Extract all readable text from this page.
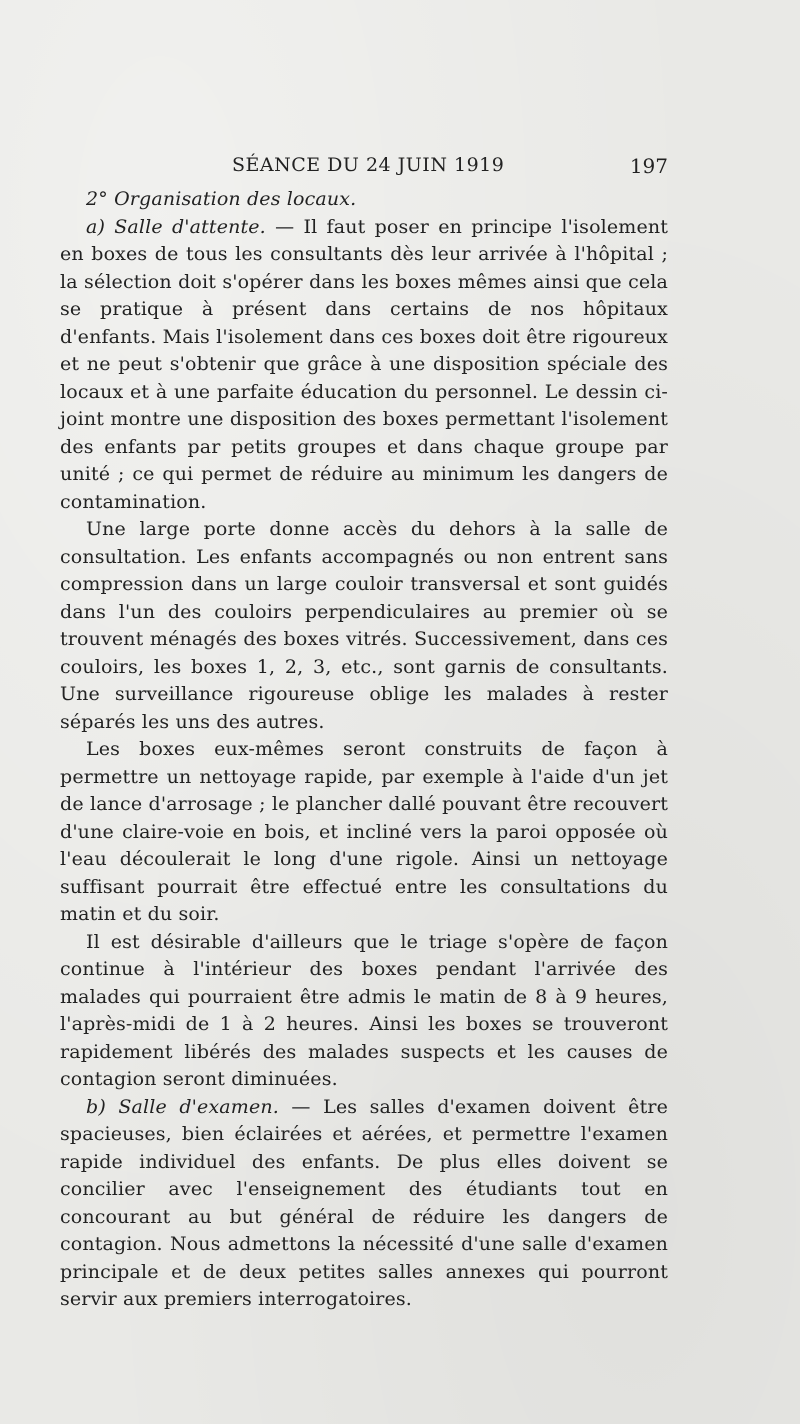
SÉANCE DU 24 JUIN 1919	197

2° Organisation des locaux.

a) Salle d'attente. — Il faut poser en principe l'isolement en boxes de tous les consultants dès leur arrivée à l'hôpital ; la sélection doit s'opérer dans les boxes mêmes ainsi que cela se pratique à présent dans certains de nos hôpitaux d'enfants. Mais l'isolement dans ces boxes doit être rigoureux et ne peut s'obtenir que grâce à une disposition spéciale des locaux et à une parfaite éducation du personnel. Le dessin ci-joint montre une disposition des boxes permettant l'isolement des enfants par petits groupes et dans chaque groupe par unité ; ce qui permet de réduire au minimum les dangers de contamination.

Une large porte donne accès du dehors à la salle de consultation. Les enfants accompagnés ou non entrent sans compression dans un large couloir transversal et sont guidés dans l'un des couloirs perpendiculaires au premier où se trouvent ménagés des boxes vitrés. Successivement, dans ces couloirs, les boxes 1, 2, 3, etc., sont garnis de consultants. Une surveillance rigoureuse oblige les malades à rester séparés les uns des autres.

Les boxes eux-mêmes seront construits de façon à permettre un nettoyage rapide, par exemple à l'aide d'un jet de lance d'arrosage ; le plancher dallé pouvant être recouvert d'une claire-voie en bois, et incliné vers la paroi opposée où l'eau découlerait le long d'une rigole. Ainsi un nettoyage suffisant pourrait être effectué entre les consultations du matin et du soir.

Il est désirable d'ailleurs que le triage s'opère de façon continue à l'intérieur des boxes pendant l'arrivée des malades qui pourraient être admis le matin de 8 à 9 heures, l'après-midi de 1 à 2 heures. Ainsi les boxes se trouveront rapidement libérés des malades suspects et les causes de contagion seront diminuées.

b) Salle d'examen. — Les salles d'examen doivent être spacieuses, bien éclairées et aérées, et permettre l'examen rapide individuel des enfants. De plus elles doivent se concilier avec l'enseignement des étudiants tout en concourant au but général de réduire les dangers de contagion. Nous admettons la nécessité d'une salle d'examen principale et de deux petites salles annexes qui pourront servir aux premiers interrogatoires.
